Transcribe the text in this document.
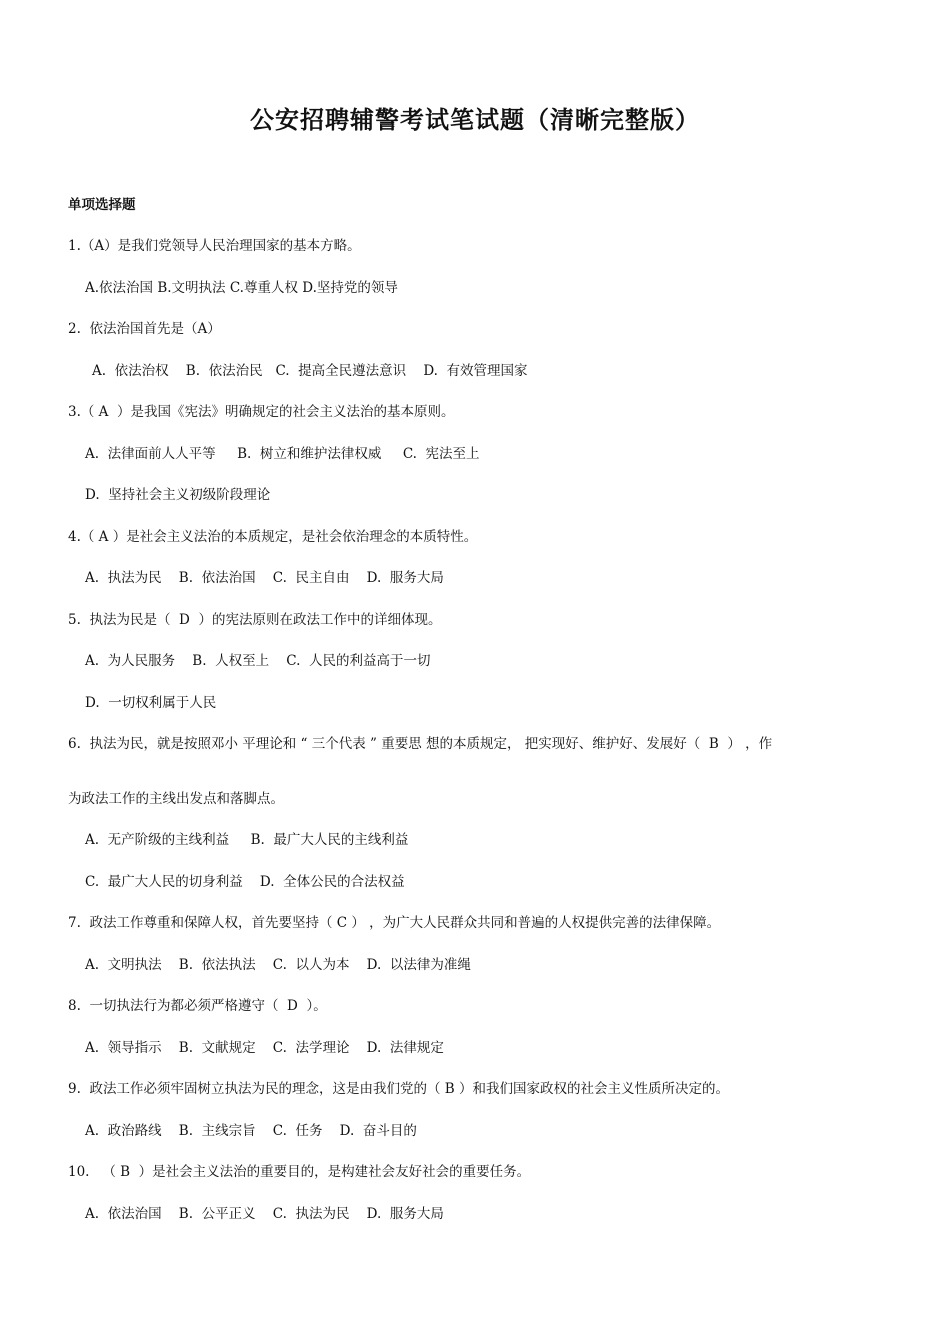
公安招聘辅警考试笔试题（清晰完整版）
单项选择题
1.（A）是我们党领导人民治理国家的基本方略。
A.依法治国 B.文明执法 C.尊重人权 D.坚持党的领导
2.  依法治国首先是（A）
A.  依法治权    B.  依法治民   C.  提高全民遵法意识    D.  有效管理国家
3.（ A  ）是我国《宪法》明确规定的社会主义法治的基本原则。
A.  法律面前人人平等     B.  树立和维护法律权威     C.  宪法至上
D.  坚持社会主义初级阶段理论
4.（ A ）是社会主义法治的本质规定，是社会依治理念的本质特性。
A.  执法为民    B.  依法治国    C.  民主自由    D.  服务大局
5.  执法为民是（  D  ）的宪法原则在政法工作中的详细体现。
A.  为人民服务    B.  人权至上    C.  人民的利益高于一切
D.  一切权利属于人民
6.  执法为民，就是按照邓小 平理论和 “ 三个代表 ” 重要思 想的本质规定， 把实现好、维护好、发展好（  B  ） ，作
为政法工作的主线出发点和落脚点。
A.  无产阶级的主线利益     B.  最广大人民的主线利益
C.  最广大人民的切身利益    D.  全体公民的合法权益
7.  政法工作尊重和保障人权，首先要坚持（ C ） ，为广大人民群众共同和普遍的人权提供完善的法律保障。
A.  文明执法    B.  依法执法    C.  以人为本    D.  以法律为准绳
8.  一切执法行为都必须严格遵守（  D  ）。
A.  领导指示    B.  文献规定    C.  法学理论    D.  法律规定
9.  政法工作必须牢固树立执法为民的理念，这是由我们党的（ B ）和我们国家政权的社会主义性质所决定的。
A.  政治路线    B.  主线宗旨    C.  任务    D.  奋斗目的
10.   （ B  ）是社会主义法治的重要目的，是构建社会友好社会的重要任务。
A.  依法治国    B.  公平正义    C.  执法为民    D.  服务大局
